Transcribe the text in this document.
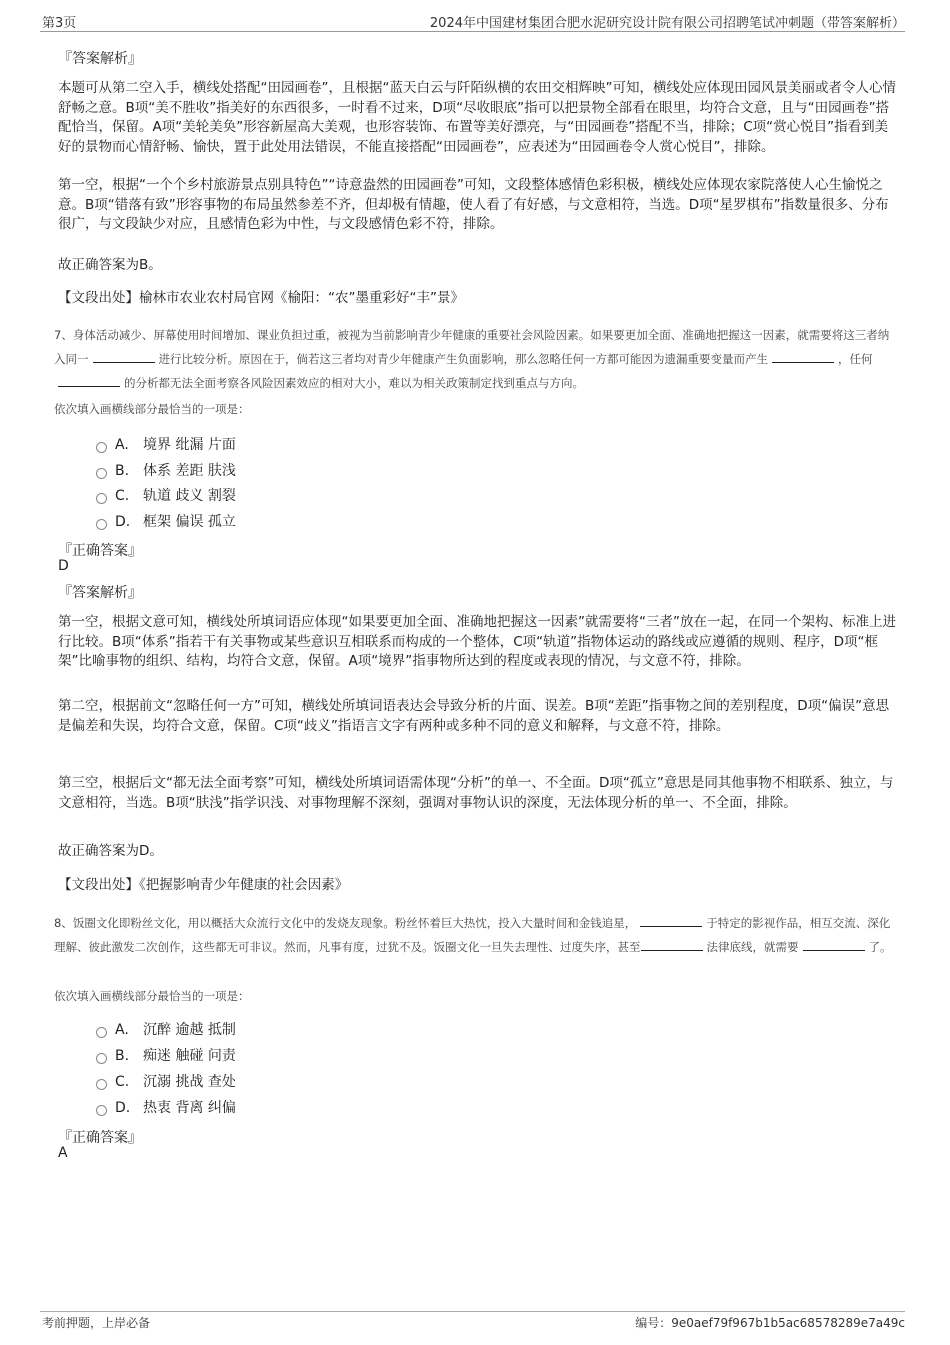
第3页	2024年中国建材集团合肥水泥研究设计院有限公司招聘笔试冲刺题（带答案解析）
『答案解析』
本题可从第二空入手，横线处搭配“田园画卷”，且根据“蓝天白云与阡陌纵横的农田交相辉映”可知，横线处应体现田园风景美丽或者令人心情舒畅之意。B项“美不胜收”指美好的东西很多，一时看不过来，D项“尽收眼底”指可以把景物全部看在眼里，均符合文意，且与“田园画卷”搭配恰当，保留。A项“美轮美奂”形容新屋高大美观，也形容装饰、布置等美好漂亮，与“田园画卷”搭配不当，排除；C项“赏心悦目”指看到美好的景物而心情舒畅、愉快，置于此处用法错误，不能直接搭配“田园画卷”，应表述为“田园画卷令人赏心悦目”，排除。
第一空，根据“一个个乡村旅游景点别具特色”“诗意盎然的田园画卷”可知，文段整体感情色彩积极，横线处应体现农家院落使人心生愉悦之意。B项“错落有致”形容事物的布局虽然参差不齐，但却极有情趣，使人看了有好感，与文意相符，当选。D项“星罗棋布”指数量很多、分布很广，与文段缺少对应，且感情色彩为中性，与文段感情色彩不符，排除。
故正确答案为B。
【文段出处】榆林市农业农村局官网《榆阳：“农”墨重彩好“丰”景》
7、身体活动减少、屏幕使用时间增加、课业负担过重，被视为当前影响青少年健康的重要社会风险因素。如果要更加全面、准确地把握这一因素，就需要将这三者纳入同一	进行比较分析。原因在于，倘若这三者均对青少年健康产生负面影响，那么忽略任何一方都可能因为遗漏重要变量而产生	，任何的分析都无法全面考察各风险因素效应的相对大小，难以为相关政策制定找到重点与方向。
依次填入画横线部分最恰当的一项是：
A.	境界 纰漏 片面
B. 体系 差距 肤浅
C. 轨道 歧义 割裂
D. 框架 偏误 孤立
『正确答案』
D
『答案解析』
第一空，根据文意可知，横线处所填词语应体现“如果要更加全面、准确地把握这一因素”就需要将“三者”放在一起，在同一个架构、标准上进行比较。B项“体系”指若干有关事物或某些意识互相联系而构成的一个整体，C项“轨道”指物体运动的路线或应遵循的规则、程序，D项“框架”比喻事物的组织、结构，均符合文意，保留。A项“境界”指事物所达到的程度或表现的情况，与文意不符，排除。
第二空，根据前文“忽略任何一方”可知，横线处所填词语表达会导致分析的片面、误差。B项“差距”指事物之间的差别程度，D项“偏误”意思是偏差和失误，均符合文意，保留。C项“歧义”指语言文字有两种或多种不同的意义和解释，与文意不符，排除。
第三空，根据后文“都无法全面考察”可知，横线处所填词语需体现“分析”的单一、不全面。D项“孤立”意思是同其他事物不相联系、独立，与文意相符，当选。B项“肤浅”指学识浅、对事物理解不深刻，强调对事物认识的深度，无法体现分析的单一、不全面，排除。
故正确答案为D。
【文段出处】《把握影响青少年健康的社会因素》
8、饭圈文化即粉丝文化，用以概括大众流行文化中的发烧友现象。粉丝怀着巨大热忱，投入大量时间和金钱追星，	于特定的影视作品，相互交流、深化理解、彼此激发二次创作，这些都无可非议。然而，凡事有度，过犹不及。饭圈文化一旦失去理性、过度失序，甚至	法律底线，就需要	了。
依次填入画横线部分最恰当的一项是：
A.	沉醉 逾越 抵制
B. 痴迷 触碰 问责
C. 沉溺 挑战 查处
D. 热衷 背离 纠偏
『正确答案』
A
考前押题，上岸必备	编号：9e0aef79f967b1b5ac68578289e7a49c
